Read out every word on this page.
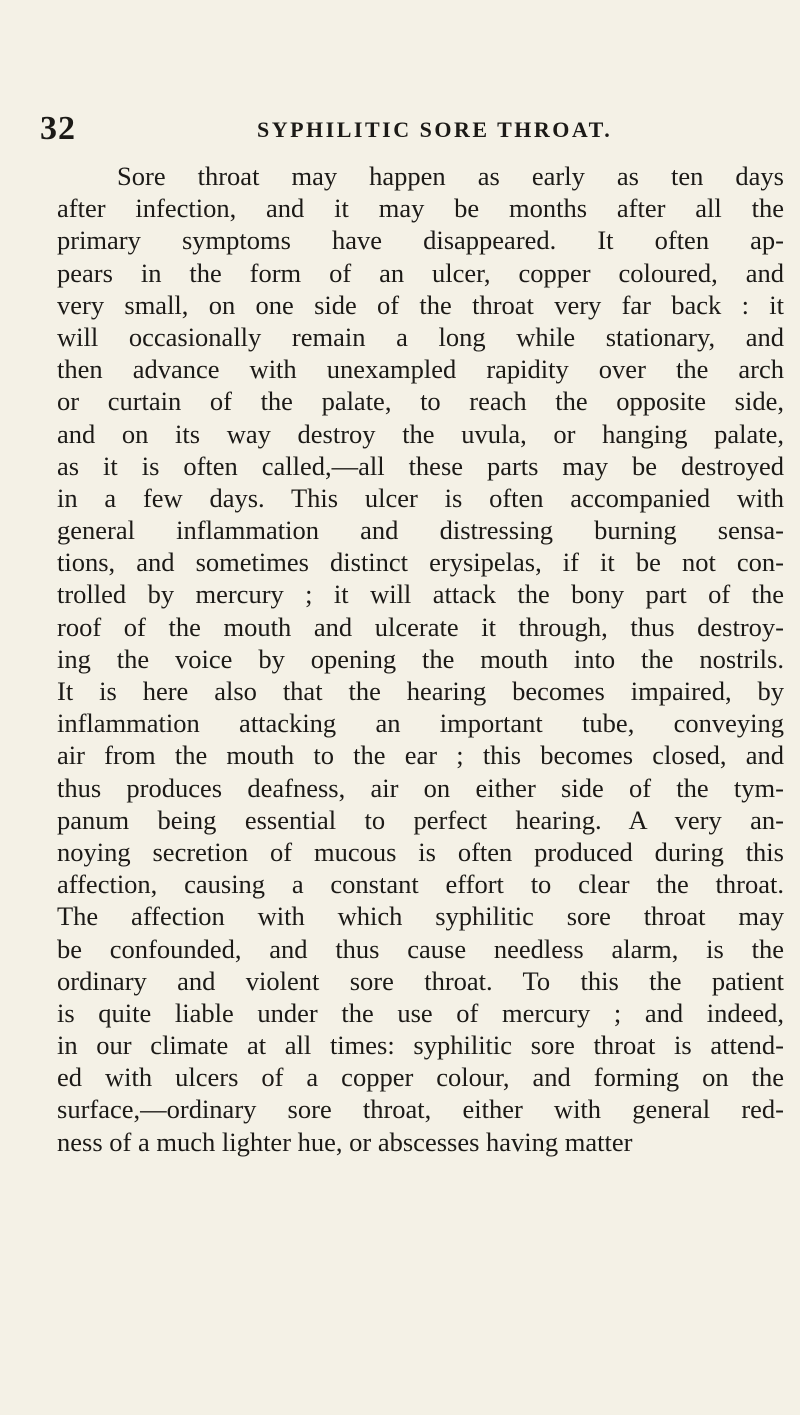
32	SYPHILITIC SORE THROAT.
Sore throat may happen as early as ten days
after infection, and it may be months after all the
primary symptoms have disappeared. It often ap-
pears in the form of an ulcer, copper coloured, and
very small, on one side of the throat very far back : it
will occasionally remain a long while stationary, and
then advance with unexampled rapidity over the arch
or curtain of the palate, to reach the opposite side,
and on its way destroy the uvula, or hanging palate,
as it is often called,—all these parts may be destroyed
in a few days. This ulcer is often accompanied with
general inflammation and distressing burning sensa-
tions, and sometimes distinct erysipelas, if it be not con-
trolled by mercury ; it will attack the bony part of the
roof of the mouth and ulcerate it through, thus destroy-
ing the voice by opening the mouth into the nostrils.
It is here also that the hearing becomes impaired, by
inflammation attacking an important tube, conveying
air from the mouth to the ear ; this becomes closed, and
thus produces deafness, air on either side of the tym-
panum being essential to perfect hearing. A very an-
noying secretion of mucous is often produced during this
affection, causing a constant effort to clear the throat.
The affection with which syphilitic sore throat may
be confounded, and thus cause needless alarm, is the
ordinary and violent sore throat. To this the patient
is quite liable under the use of mercury ; and indeed,
in our climate at all times: syphilitic sore throat is attend-
ed with ulcers of a copper colour, and forming on the
surface,—ordinary sore throat, either with general red-
ness of a much lighter hue, or abscesses having matter
